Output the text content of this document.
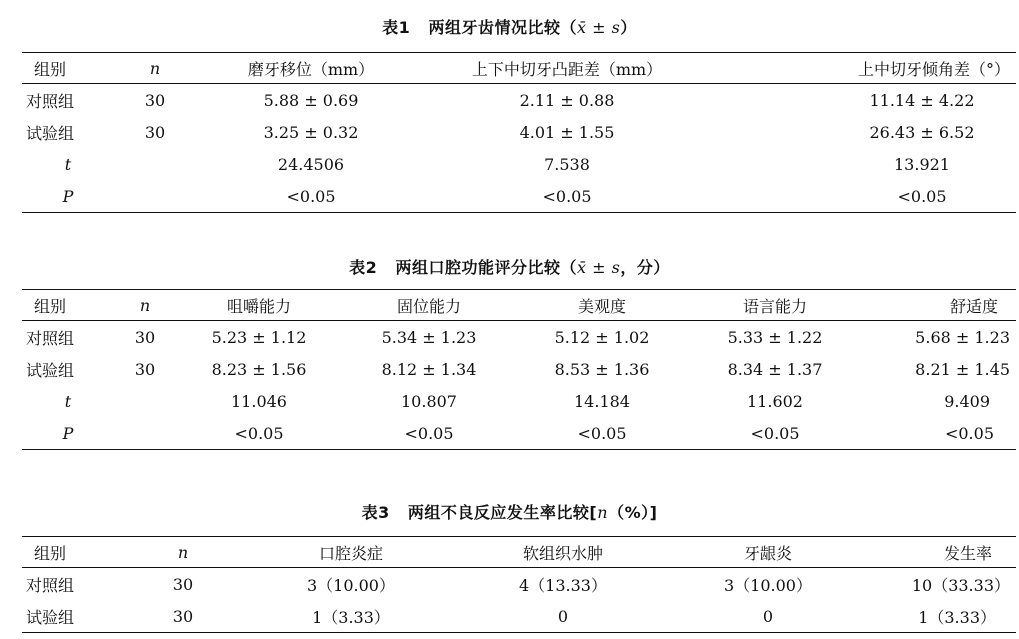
表1 两组牙齿情况比较（x̄ ± s）
组别	n	磨牙移位（mm）	上下中切牙凸距差（mm）	上中切牙倾角差（°）
对照组	30	5.88 ± 0.69	2.11 ± 0.88	11.14 ± 4.22
试验组	30	3.25 ± 0.32	4.01 ± 1.55	26.43 ± 6.52
t		24.4506	7.538	13.921
P		<0.05	<0.05	<0.05
表2 两组口腔功能评分比较（x̄ ± s，分）
组别	n	咀嚼能力	固位能力	美观度	语言能力	舒适度
对照组	30	5.23 ± 1.12	5.34 ± 1.23	5.12 ± 1.02	5.33 ± 1.22	5.68 ± 1.23
试验组	30	8.23 ± 1.56	8.12 ± 1.34	8.53 ± 1.36	8.34 ± 1.37	8.21 ± 1.45
t		11.046	10.807	14.184	11.602	9.409
P		<0.05	<0.05	<0.05	<0.05	<0.05
表3 两组不良反应发生率比较[n（%）]
组别	n	口腔炎症	软组织水肿	牙龈炎	发生率
对照组	30	3（10.00）	4（13.33）	3（10.00）	10（33.33）
试验组	30	1（3.33）	0	0	1（3.33）
